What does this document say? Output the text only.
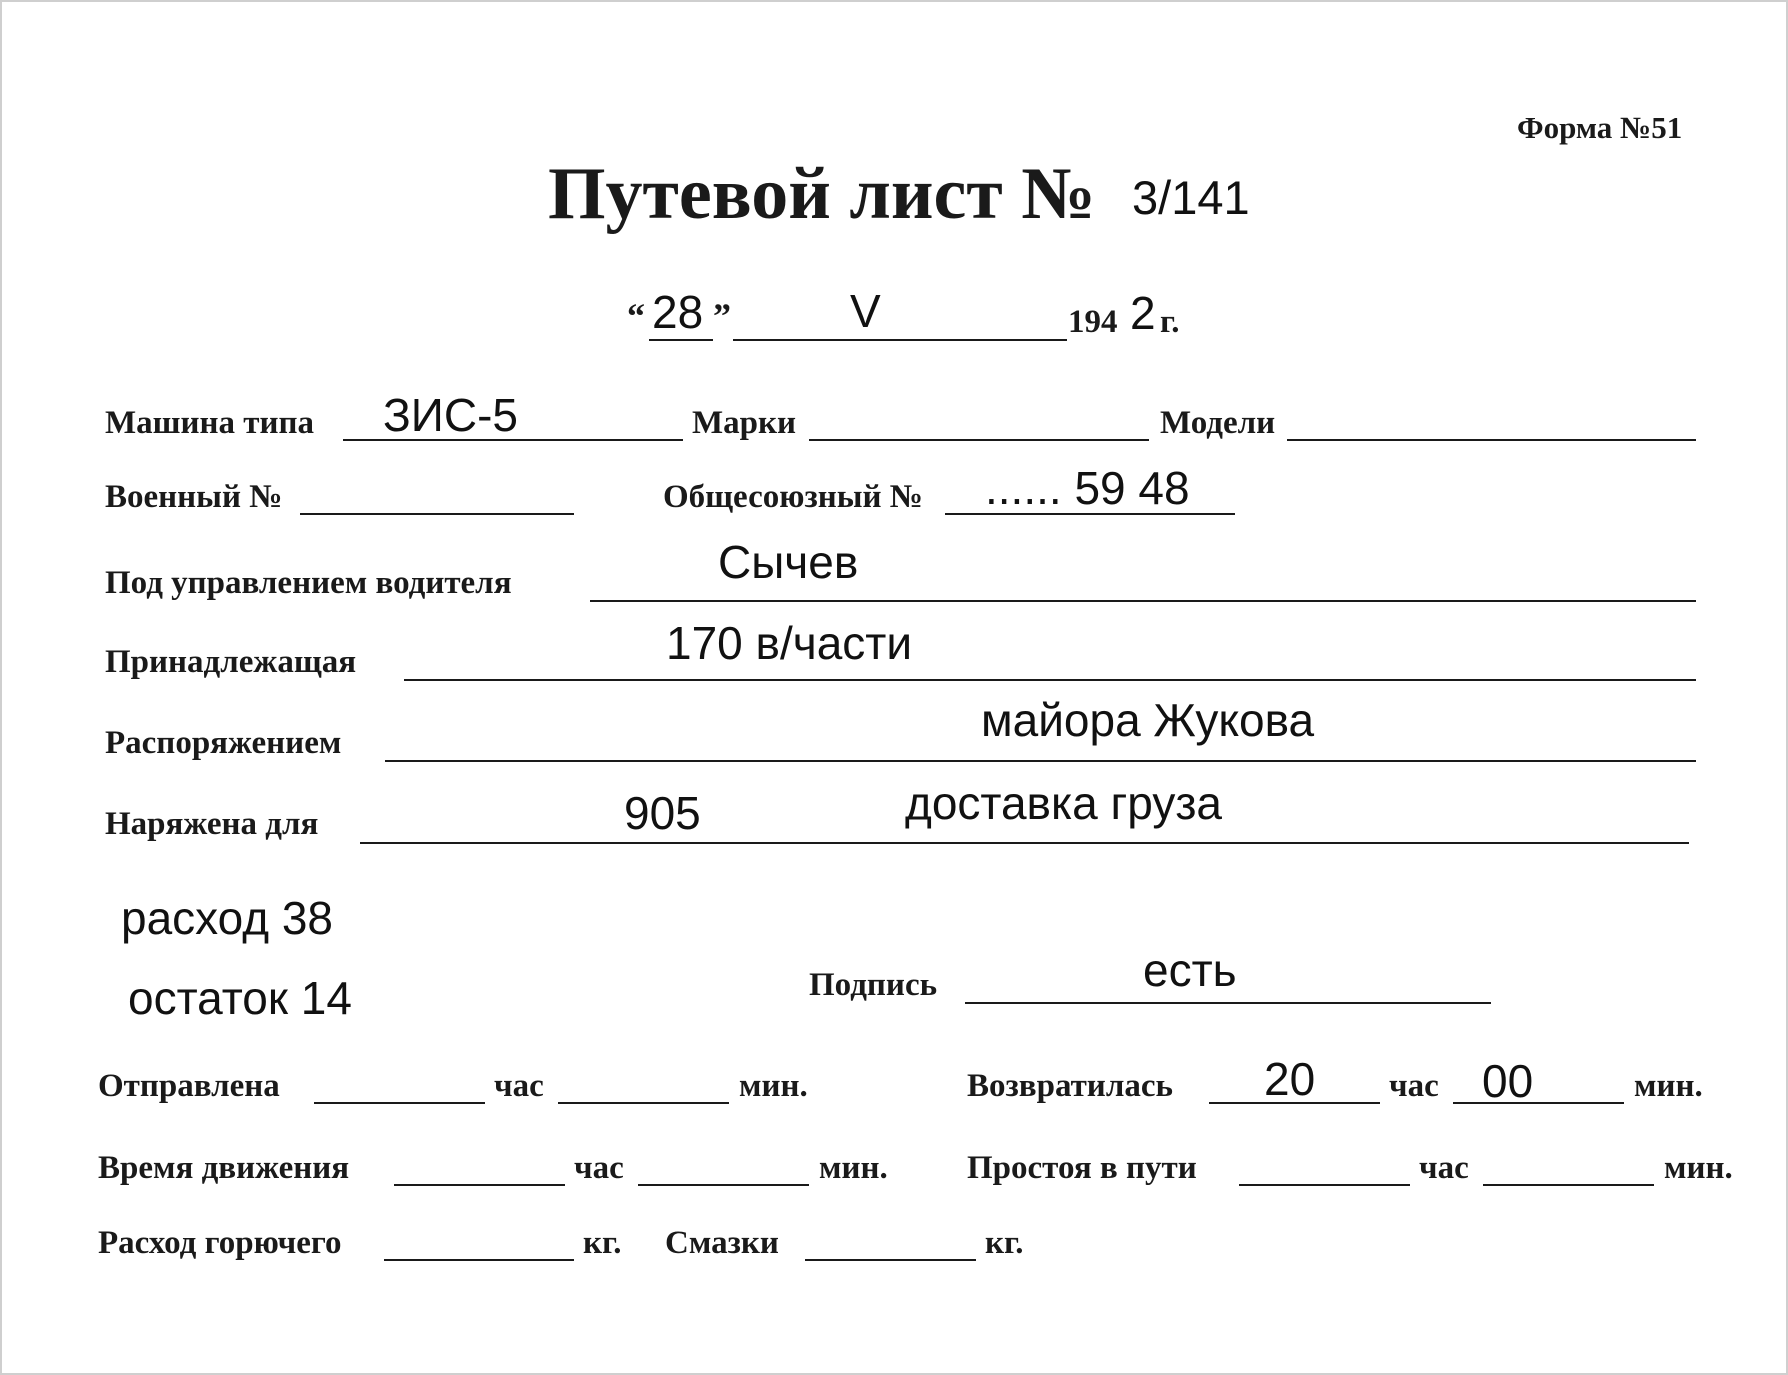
Форма №51
Путевой лист № 3/141
“ 28 ”	V	194 2 г.
Машина типа ЗИС-5	Марки	Модели
Военный №	Общесоюзный № ...... 59 48
Под управлением водителя	Сычев
Принадлежащая	170 в/части
Распоряжением	майора Жукова
Наряжена для	905	доставка груза
расход 38
остаток 14	Подпись	есть
Отправлена	час	мин.	Возвратилась 20 час 00	мин.
Время движения	час	мин. Простоя в пути	час	мин.
Расход горючего	кг. Смазки	кг.
